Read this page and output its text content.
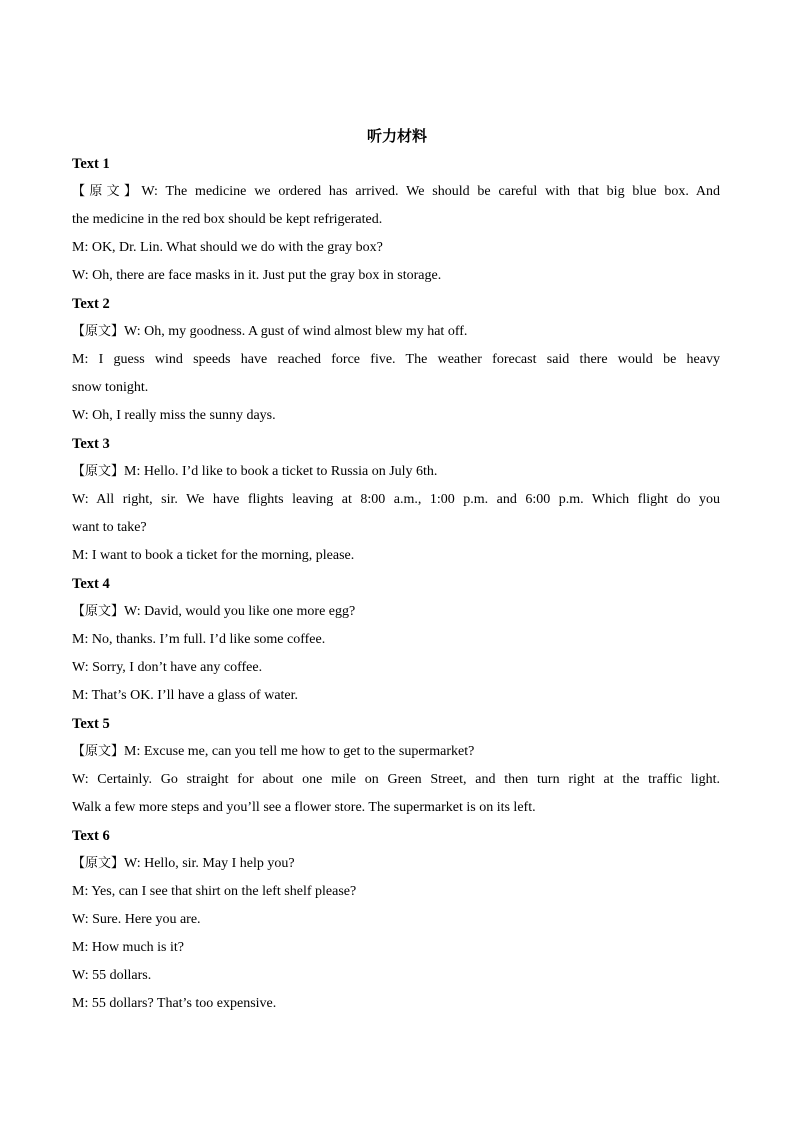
听力材料
Text 1
【原文】W: The medicine we ordered has arrived. We should be careful with that big blue box. And
the medicine in the red box should be kept refrigerated.
M: OK, Dr. Lin. What should we do with the gray box?
W: Oh, there are face masks in it. Just put the gray box in storage.
Text 2
【原文】W: Oh, my goodness. A gust of wind almost blew my hat off.
M: I guess wind speeds have reached force five. The weather forecast said there would be heavy
snow tonight.
W: Oh, I really miss the sunny days.
Text 3
【原文】M: Hello. I’d like to book a ticket to Russia on July 6th.
W: All right, sir. We have flights leaving at 8:00 a.m., 1:00 p.m. and 6:00 p.m. Which flight do you
want to take?
M: I want to book a ticket for the morning, please.
Text 4
【原文】W: David, would you like one more egg?
M: No, thanks. I’m full. I’d like some coffee.
W: Sorry, I don’t have any coffee.
M: That’s OK. I’ll have a glass of water.
Text 5
【原文】M: Excuse me, can you tell me how to get to the supermarket?
W: Certainly. Go straight for about one mile on Green Street, and then turn right at the traffic light.
Walk a few more steps and you’ll see a flower store. The supermarket is on its left.
Text 6
【原文】W: Hello, sir. May I help you?
M: Yes, can I see that shirt on the left shelf please?
W: Sure. Here you are.
M: How much is it?
W: 55 dollars.
M: 55 dollars? That’s too expensive.
